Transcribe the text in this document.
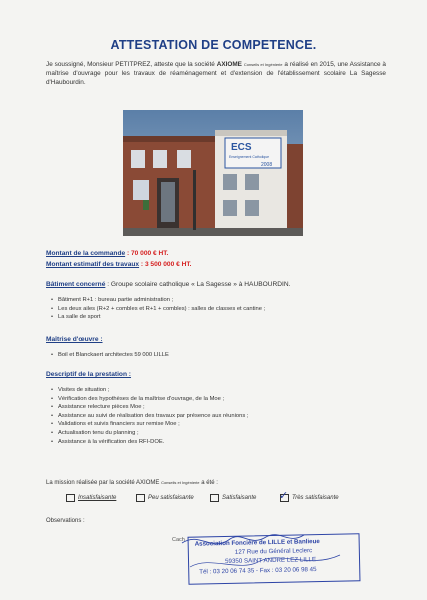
ATTESTATION DE COMPETENCE.
Je soussigné, Monsieur PETITPREZ, atteste que la société AXIOME Conseils et Ingénierie a réalisé en 2015, une Assistance à maîtrise d'ouvrage pour les travaux de réaménagement et d'extension de l'établissement scolaire La Sagesse d'Haubourdin.
ECS
Enseignement Catholique
2008
Montant de la commande : 70 000 € HT.
Montant estimatif des travaux : 3 500 000 € HT.
Bâtiment concerné : Groupe scolaire catholique « La Sagesse » à HAUBOURDIN.
• Bâtiment R+1 : bureau partie administration ;
• Les deux ailes (R+2 + combles et R+1 + combles) : salles de classes et cantine ;
• La salle de sport
Maîtrise d'œuvre :
• Boil et Blanckaert architectes 59 000 LILLE
Descriptif de la prestation :
• Visites de situation ;
• Vérification des hypothèses de la maîtrise d'ouvrage, de la Moe ;
• Assistance relecture pièces Moe ;
• Assistance au suivi de réalisation des travaux par présence aux réunions ;
• Validations et suivis financiers sur remise Moe ;
• Actualisation tenu du planning ;
• Assistance à la vérification des RFI-DOE.
La mission réalisée par la société AXIOME Conseils et Ingénierie a été :
Insatisfaisante	Peu satisfaisante	Satisfaisante ✓ Très satisfaisante
Observations :
Cach Association Foncière de LILLE et Banlieue
127 Rue du Général Leclerc
59350 SAINT ANDRE LEZ LILLE
Tél : 03 20 06 74 35 - Fax : 03 20 06 98 45
